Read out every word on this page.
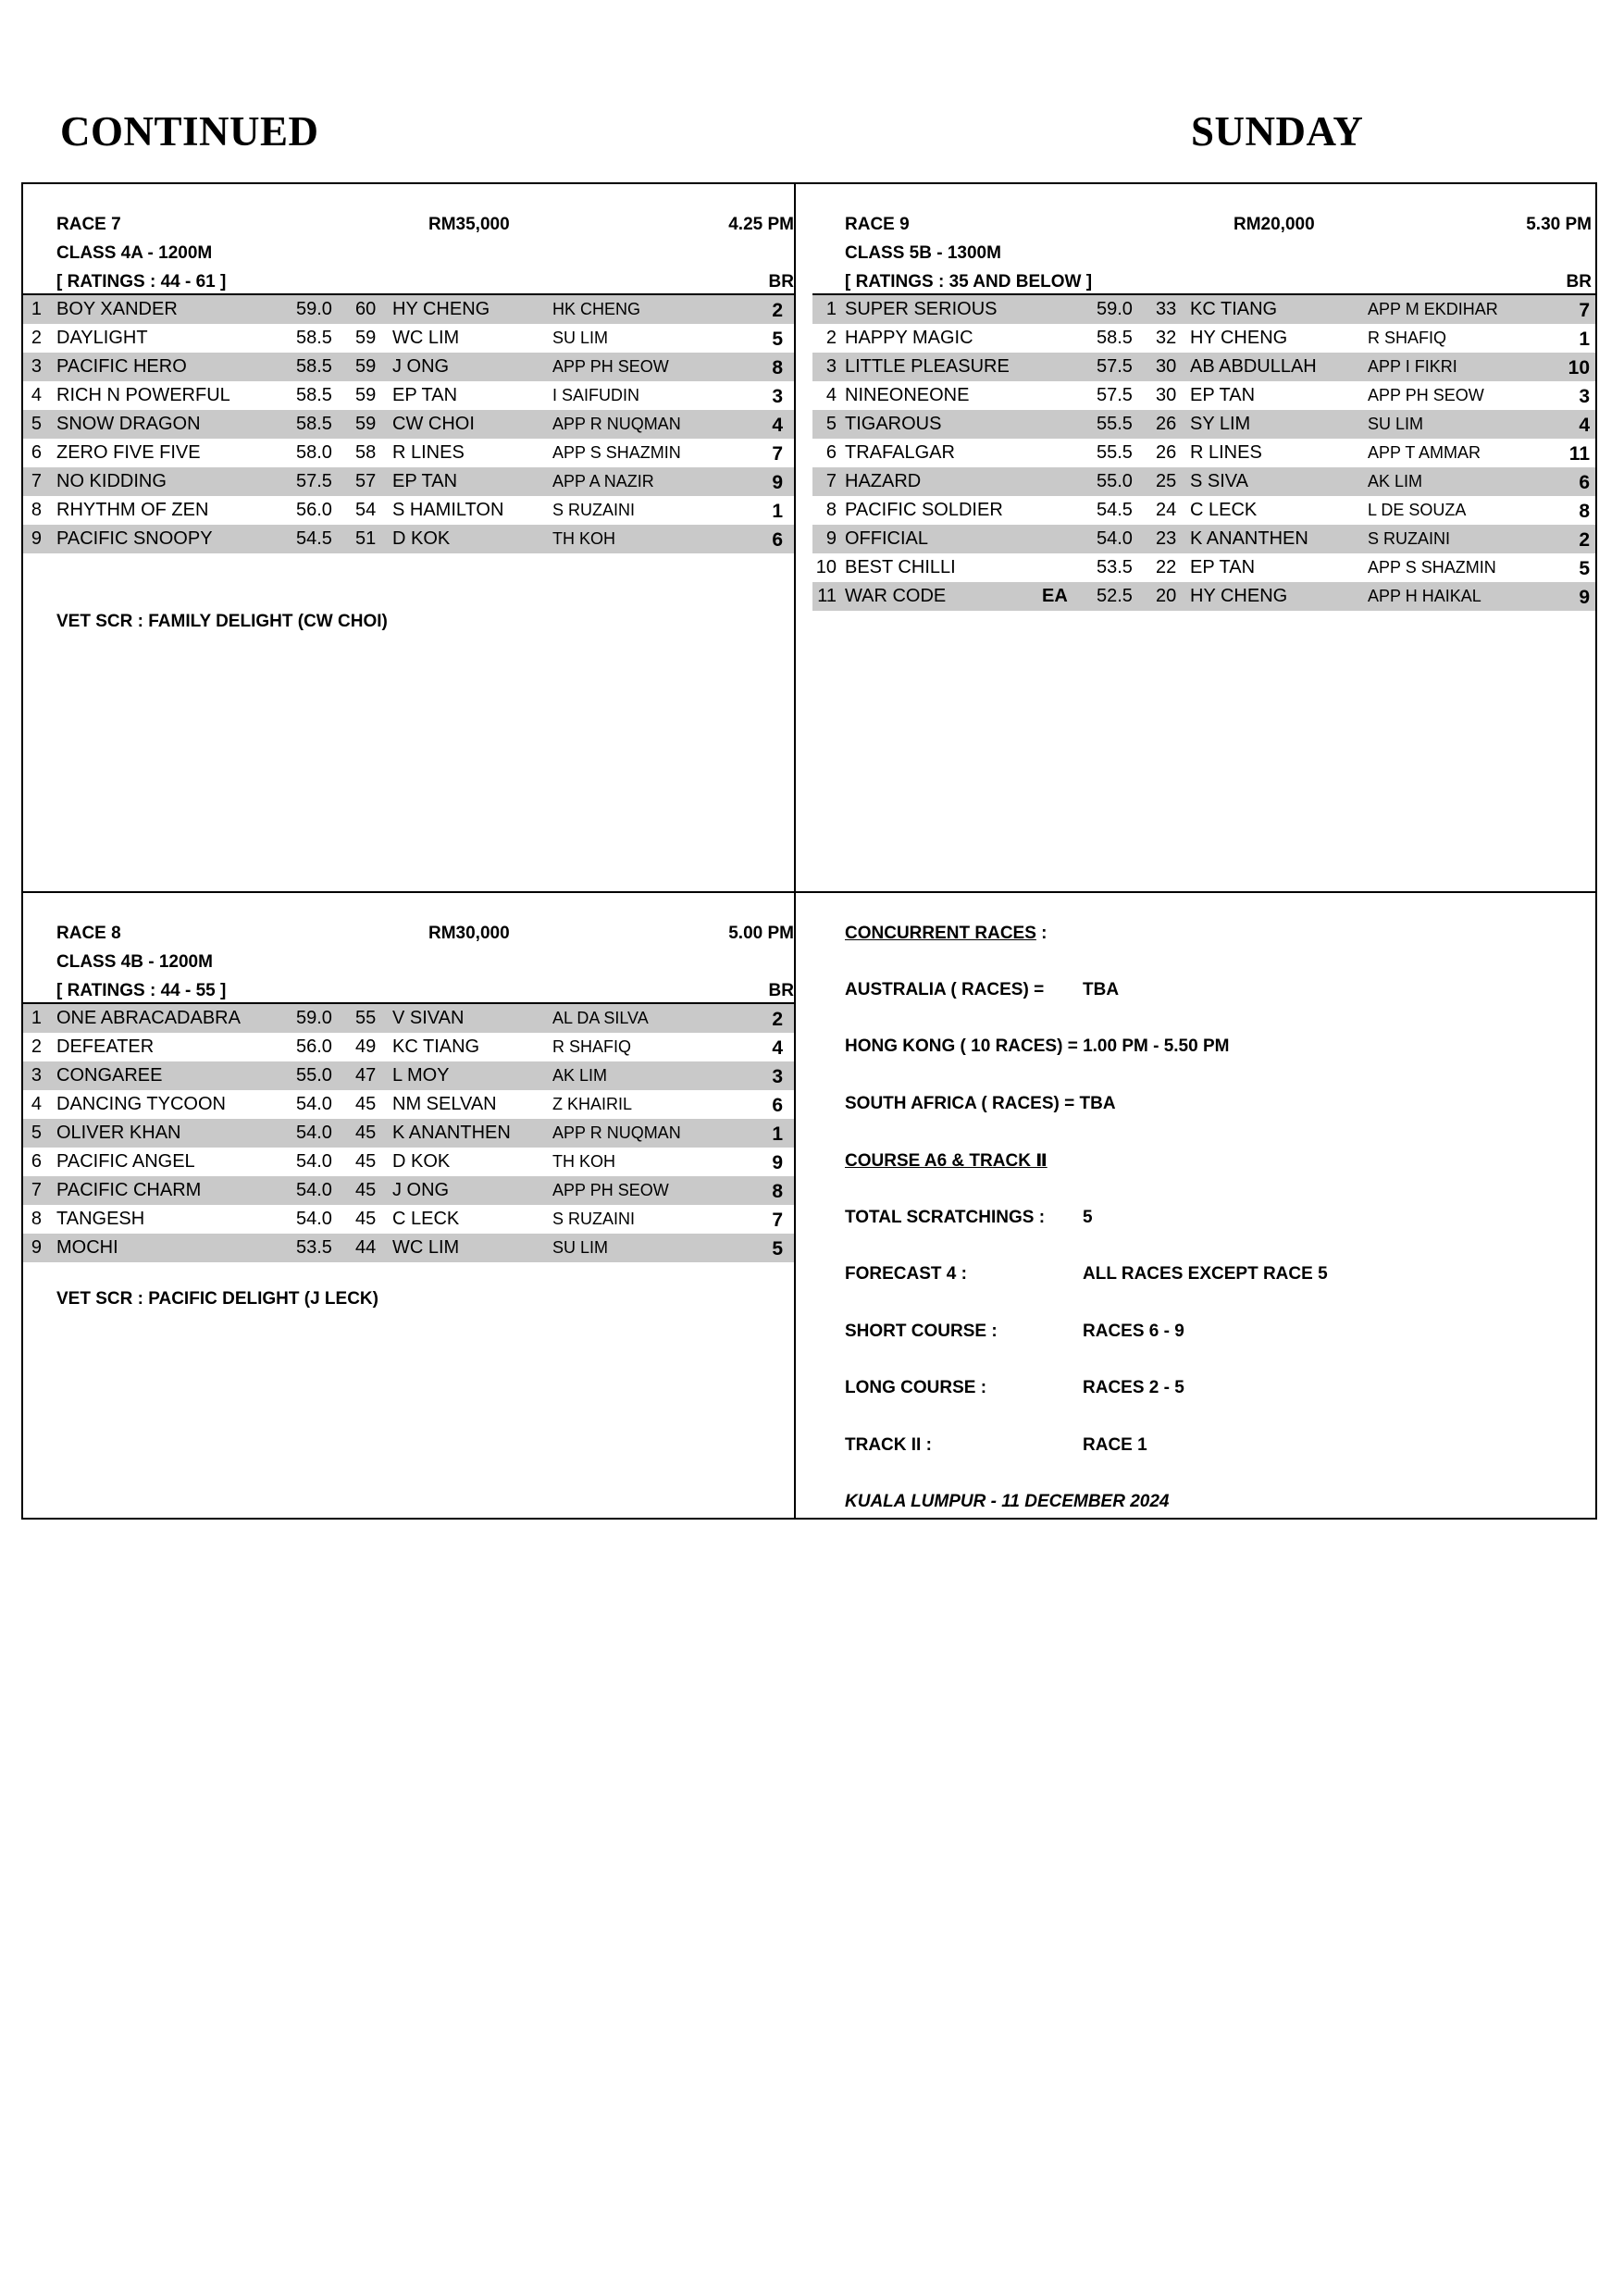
CONTINUED	SUNDAY
RACE 7	RM35,000	4.25 PM
CLASS 4A - 1200M
[ RATINGS : 44 - 61 ]	BR
1 BOY XANDER	59.0 60 HY CHENG	HK CHENG	2
2 DAYLIGHT	58.5 59 WC LIM	SU LIM	5
3 PACIFIC HERO	58.5 59 J ONG	APP PH SEOW	8
4 RICH N POWERFUL	58.5 59 EP TAN	I SAIFUDIN	3
5 SNOW DRAGON	58.5 59 CW CHOI	APP R NUQMAN	4
6 ZERO FIVE FIVE	58.0 58 R LINES	APP S SHAZMIN	7
7 NO KIDDING	57.5 57 EP TAN	APP A NAZIR	9
8 RHYTHM OF ZEN	56.0 54 S HAMILTON	S RUZAINI	1
9 PACIFIC SNOOPY	54.5 51 D KOK	TH KOH	6
VET SCR : FAMILY DELIGHT (CW CHOI)
RACE 9	RM20,000	5.30 PM
CLASS 5B - 1300M
[ RATINGS : 35 AND BELOW ]	BR
1 SUPER SERIOUS	59.0 33 KC TIANG	APP M EKDIHAR	7
2 HAPPY MAGIC	58.5 32 HY CHENG	R SHAFIQ	1
3 LITTLE PLEASURE	57.5 30 AB ABDULLAH	APP I FIKRI	10
4 NINEONEONE	57.5 30 EP TAN	APP PH SEOW	3
5 TIGAROUS	55.5 26 SY LIM	SU LIM	4
6 TRAFALGAR	55.5 26 R LINES	APP T AMMAR	11
7 HAZARD	55.0 25 S SIVA	AK LIM	6
8 PACIFIC SOLDIER	54.5 24 C LECK	L DE SOUZA	8
9 OFFICIAL	54.0 23 K ANANTHEN	S RUZAINI	2
10 BEST CHILLI	53.5 22 EP TAN	APP S SHAZMIN	5
11 WAR CODE	EA 52.5 20 HY CHENG	APP H HAIKAL	9
RACE 8	RM30,000	5.00 PM
CLASS 4B - 1200M
[ RATINGS : 44 - 55 ]	BR
1 ONE ABRACADABRA	59.0 55 V SIVAN	AL DA SILVA	2
2 DEFEATER	56.0 49 KC TIANG	R SHAFIQ	4
3 CONGAREE	55.0 47 L MOY	AK LIM	3
4 DANCING TYCOON	54.0 45 NM SELVAN	Z KHAIRIL	6
5 OLIVER KHAN	54.0 45 K ANANTHEN	APP R NUQMAN	1
6 PACIFIC ANGEL	54.0 45 D KOK	TH KOH	9
7 PACIFIC CHARM	54.0 45 J ONG	APP PH SEOW	8
8 TANGESH	54.0 45 C LECK	S RUZAINI	7
9 MOCHI	53.5 44 WC LIM	SU LIM	5
VET SCR : PACIFIC DELIGHT (J LECK)
CONCURRENT RACES :
AUSTRALIA ( RACES) = TBA
HONG KONG ( 10 RACES) = 1.00 PM - 5.50 PM
SOUTH AFRICA ( RACES) = TBA
COURSE A6 & TRACK Ⅱ
TOTAL SCRATCHINGS : 5
FORECAST 4 :	ALL RACES EXCEPT RACE 5
SHORT COURSE :	RACES 6 - 9
LONG COURSE :	RACES 2 - 5
TRACK II :	RACE 1
KUALA LUMPUR - 11 DECEMBER 2024
